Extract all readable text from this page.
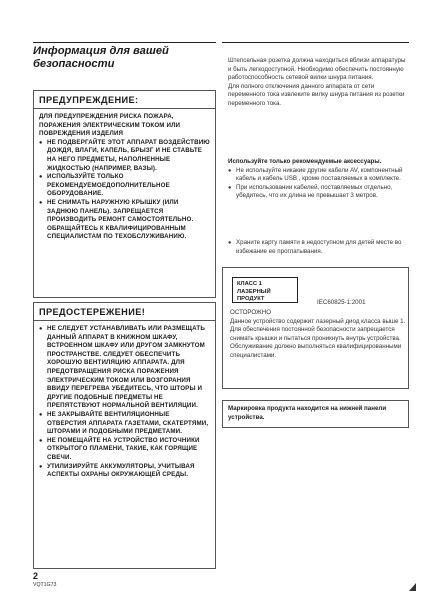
Информация для вашей безопасности
ПРЕДУПРЕЖДЕНИЕ:
ДЛЯ ПРЕДУПРЕЖДЕНИЯ РИСКА ПОЖАРА, ПОРАЖЕНИЯ ЭЛЕКТРИЧЕСКИМ ТОКОМ ИЛИ ПОВРЕЖДЕНИЯ ИЗДЕЛИЯ
● НЕ ПОДВЕРГАЙТЕ ЭТОТ АППАРАТ ВОЗДЕЙСТВИЮ ДОЖДЯ, ВЛАГИ, КАПЕЛЬ, БРЫЗГ И НЕ СТАВЬТЕ НА НЕГО ПРЕДМЕТЫ, НАПОЛНЕННЫЕ ЖИДКОСТЬЮ (НАПРИМЕР, ВАЗЫ).
● ИСПОЛЬЗУЙТЕ ТОЛЬКО РЕКОМЕНДУЕМОЕДОПОЛНИТЕЛЬНОЕ ОБОРУДОВАНИЕ.
● НЕ СНИМАТЬ НАРУЖНУЮ КРЫШКУ (ИЛИ ЗАДНЮЮ ПАНЕЛЬ). ЗАПРЕЩАЕТСЯ ПРОИЗВОДИТЬ РЕМОНТ САМОСТОЯТЕЛЬНО. ОБРАЩАЙТЕСЬ К КВАЛИФИЦИРОВАННЫМ СПЕЦИАЛИСТАМ ПО ТЕХОБСЛУЖИВАНИЮ.
ПРЕДОСТЕРЕЖЕНИЕ!
● НЕ СЛЕДУЕТ УСТАНАВЛИВАТЬ ИЛИ РАЗМЕЩАТЬ ДАННЫЙ АППАРАТ В КНИЖНОМ ШКАФУ, ВСТРОЕННОМ ШКАФУ ИЛИ ДРУГОМ ЗАМКНУТОМ ПРОСТРАНСТВЕ. СЛЕДУЕТ ОБЕСПЕЧИТЬ ХОРОШУЮ ВЕНТИЛЯЦИЮ АППАРАТА. ДЛЯ ПРЕДОТВРАЩЕНИЯ РИСКА ПОРАЖЕНИЯ ЭЛЕКТРИЧЕСКИМ ТОКОМ ИЛИ ВОЗГОРАНИЯ ВВИДУ ПЕРЕГРЕВА УБЕДИТЕСЬ, ЧТО ШТОРЫ И ДРУГИЕ ПОДОБНЫЕ ПРЕДМЕТЫ НЕ ПРЕПЯТСТВУЮТ НОРМАЛЬНОЙ ВЕНТИЛЯЦИИ.
● НЕ ЗАКРЫВАЙТЕ ВЕНТИЛЯЦИОННЫЕ ОТВЕРСТИЯ АППАРАТА ГАЗЕТАМИ, СКАТЕРТЯМИ, ШТОРАМИ И ПОДОБНЫМИ ПРЕДМЕТАМИ.
● НЕ ПОМЕЩАЙТЕ НА УСТРОЙСТВО ИСТОЧНИКИ ОТКРЫТОГО ПЛАМЕНИ, ТАКИЕ, КАК ГОРЯЩИЕ СВЕЧИ.
● УТИЛИЗИРУЙТЕ АККУМУЛЯТОРЫ, УЧИТЫВАЯ АСПЕКТЫ ОХРАНЫ ОКРУЖАЮЩЕЙ СРЕДЫ.
Штепсельная розетка должна находиться вблизи аппаратуры и быть легкодоступной. Необходимо обеспечить постоянную работоспособность сетевой вилки шнура питания.
Для полного отключения данного аппарата от сети переменного тока извлеките вилку шнура питания из розетки переменного тока.
Используйте только рекомендуемые аксессуары.
● Не используйте никакие другие кабели AV, компонентный кабель и кабель USB , кроме поставляемых в комплекте.
● При использовании кабелей, поставляемых отдельно, убедитесь, что их длина не превышает 3 метров.
● Храните карту памяти в недоступном для детей месте во избежание ее проглатывания.
КЛАСС 1
ЛАЗЕРНЫЙ ПРОДУКТ	IEC60825-1:2001
ОСТОРОЖНО
Данное устройство содержит лазерный диод класса выше 1.
Для обеспечения постоянной безопасности запрещается снимать крышки и пытаться проникнуть внутрь устройства.
Обслуживание должно выполняться квалифицированными специалистами.
Маркировка продукта находится на нижней панели устройства.
2
VQT1G73
